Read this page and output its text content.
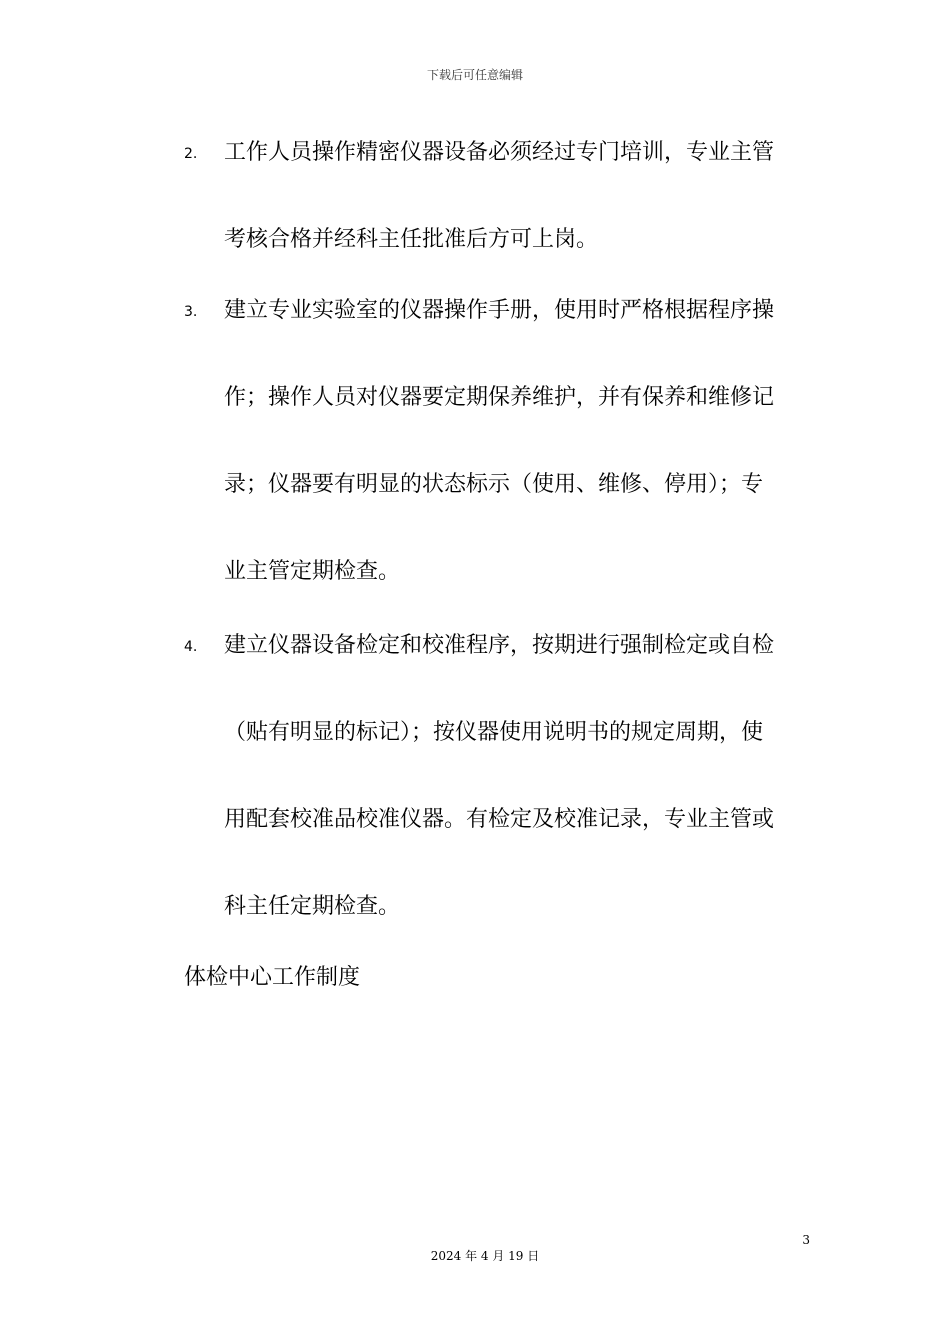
下载后可任意编辑
2. 工作人员操作精密仪器设备必须经过专门培训，专业主管
考核合格并经科主任批准后方可上岗。
3. 建立专业实验室的仪器操作手册，使用时严格根据程序操
作；操作人员对仪器要定期保养维护，并有保养和维修记
录；仪器要有明显的状态标示（使用、维修、停用）；专
业主管定期检查。
4. 建立仪器设备检定和校准程序，按期进行强制检定或自检
（贴有明显的标记）；按仪器使用说明书的规定周期，使
用配套校准品校准仪器。有检定及校准记录，专业主管或
科主任定期检查。
体检中心工作制度
3
2024 年 4 月 19 日
